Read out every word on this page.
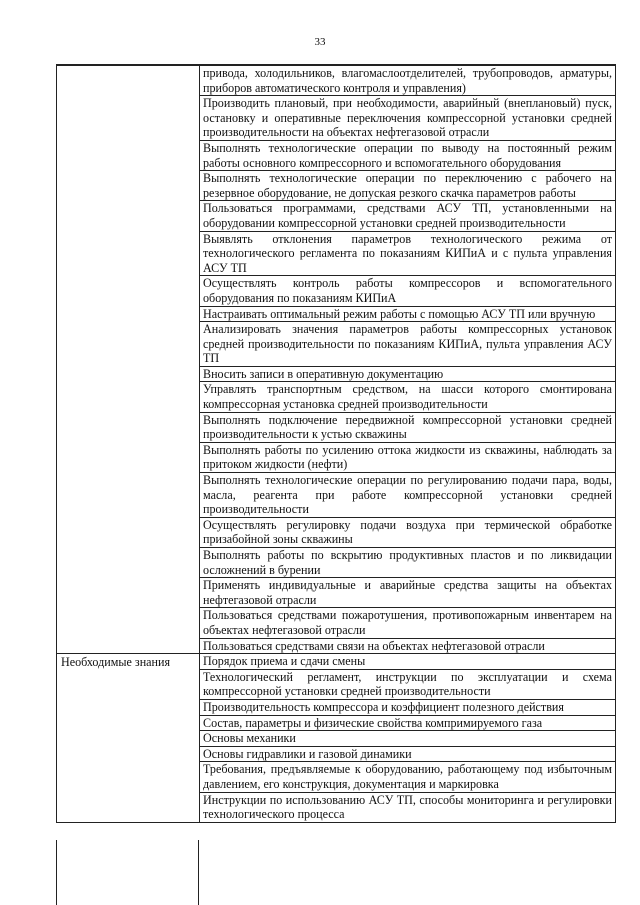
33
	привода, холодильников, влагомаслоотделителей, трубопроводов, арматуры, приборов автоматического контроля и управления)
	Производить плановый, при необходимости, аварийный (внеплановый) пуск, остановку и оперативные переключения компрессорной установки средней производительности на объектах нефтегазовой отрасли
	Выполнять технологические операции по выводу на постоянный режим работы основного компрессорного и вспомогательного оборудования
	Выполнять технологические операции по переключению с рабочего на резервное оборудование, не допуская резкого скачка параметров работы
	Пользоваться программами, средствами АСУ ТП, установленными на оборудовании компрессорной установки средней производительности
	Выявлять отклонения параметров технологического режима от технологического регламента по показаниям КИПиА и с пульта управления АСУ ТП
	Осуществлять контроль работы компрессоров и вспомогательного оборудования по показаниям КИПиА
	Настраивать оптимальный режим работы с помощью АСУ ТП или вручную
	Анализировать значения параметров работы компрессорных установок средней производительности по показаниям КИПиА, пульта управления АСУ ТП
	Вносить записи в оперативную документацию
	Управлять транспортным средством, на шасси которого смонтирована компрессорная установка средней производительности
	Выполнять подключение передвижной компрессорной установки средней производительности к устью скважины
	Выполнять работы по усилению оттока жидкости из скважины, наблюдать за притоком жидкости (нефти)
	Выполнять технологические операции по регулированию подачи пара, воды, масла, реагента при работе компрессорной установки средней производительности
	Осуществлять регулировку подачи воздуха при термической обработке призабойной зоны скважины
	Выполнять работы по вскрытию продуктивных пластов и по ликвидации осложнений в бурении
	Применять индивидуальные и аварийные средства защиты на объектах нефтегазовой отрасли
	Пользоваться средствами пожаротушения, противопожарным инвентарем на объектах нефтегазовой отрасли
	Пользоваться средствами связи на объектах нефтегазовой отрасли
Необходимые знания	Порядок приема и сдачи смены
	Технологический регламент, инструкции по эксплуатации и схема компрессорной установки средней производительности
	Производительность компрессора и коэффициент полезного действия
	Состав, параметры и физические свойства компримируемого газа
	Основы механики
	Основы гидравлики и газовой динамики
	Требования, предъявляемые к оборудованию, работающему под избыточным давлением, его конструкция, документация и маркировка
	Инструкции по использованию АСУ ТП, способы мониторинга и регулировки технологического процесса
